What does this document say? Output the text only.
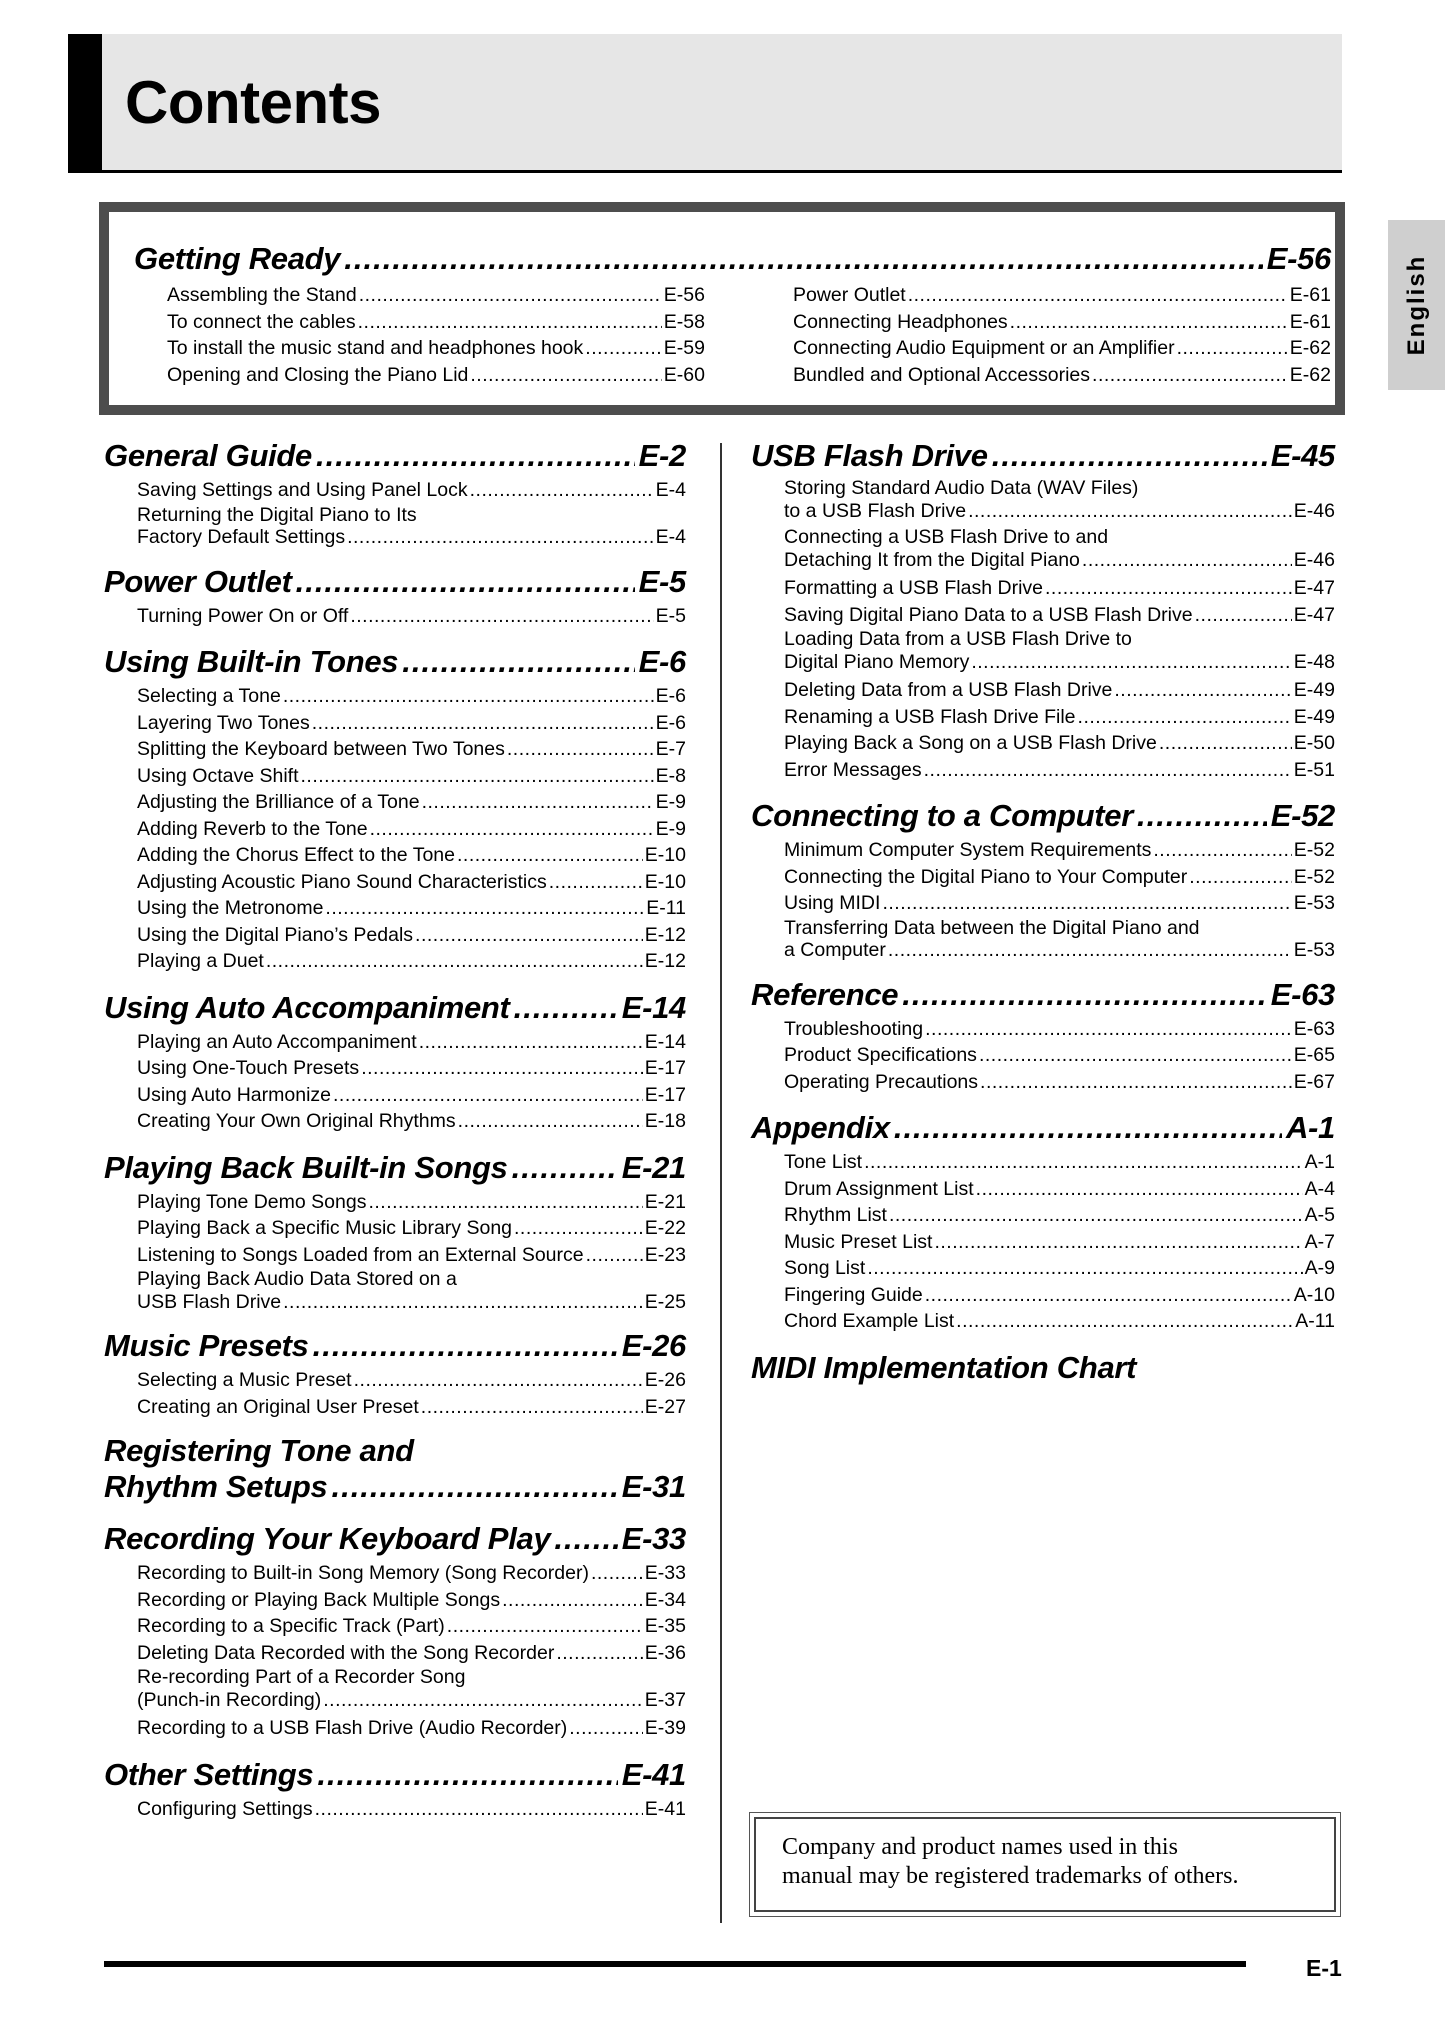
Contents
English
Getting Ready .....	E-56
Assembling the Stand .....	E-56
To connect the cables .....	E-58
To install the music stand and headphones hook .....	E-59
Opening and Closing the Piano Lid .....	E-60
Power Outlet .....	E-61
Connecting Headphones .....	E-61
Connecting Audio Equipment or an Amplifier .....	E-62
Bundled and Optional Accessories .....	E-62
General Guide .....	E-2
Saving Settings and Using Panel Lock .....	E-4
Returning the Digital Piano to Its
Factory Default Settings .....	E-4
Power Outlet .....	E-5
Turning Power On or Off .....	E-5
Using Built-in Tones .....	E-6
Selecting a Tone .....	E-6
Layering Two Tones .....	E-6
Splitting the Keyboard between Two Tones .....	E-7
Using Octave Shift .....	E-8
Adjusting the Brilliance of a Tone .....	E-9
Adding Reverb to the Tone .....	E-9
Adding the Chorus Effect to the Tone .....	E-10
Adjusting Acoustic Piano Sound Characteristics .....	E-10
Using the Metronome .....	E-11
Using the Digital Piano’s Pedals .....	E-12
Playing a Duet .....	E-12
Using Auto Accompaniment .....	E-14
Playing an Auto Accompaniment .....	E-14
Using One-Touch Presets .....	E-17
Using Auto Harmonize .....	E-17
Creating Your Own Original Rhythms .....	E-18
Playing Back Built-in Songs .....	E-21
Playing Tone Demo Songs .....	E-21
Playing Back a Specific Music Library Song .....	E-22
Listening to Songs Loaded from an External Source .....	E-23
Playing Back Audio Data Stored on a
USB Flash Drive .....	E-25
Music Presets .....	E-26
Selecting a Music Preset .....	E-26
Creating an Original User Preset .....	E-27
Registering Tone and
Rhythm Setups .....	E-31
Recording Your Keyboard Play ..... E-33
Recording to Built-in Song Memory (Song Recorder) .....	E-33
Recording or Playing Back Multiple Songs .....	E-34
Recording to a Specific Track (Part) .....	E-35
Deleting Data Recorded with the Song Recorder .....	E-36
Re-recording Part of a Recorder Song
(Punch-in Recording) .....	E-37
Recording to a USB Flash Drive (Audio Recorder) .....	E-39
Other Settings .....	E-41
Configuring Settings .....	E-41
USB Flash Drive .....	E-45
Storing Standard Audio Data (WAV Files)
to a USB Flash Drive .....	E-46
Connecting a USB Flash Drive to and
Detaching It from the Digital Piano .....	E-46
Formatting a USB Flash Drive .....	E-47
Saving Digital Piano Data to a USB Flash Drive .....	E-47
Loading Data from a USB Flash Drive to
Digital Piano Memory .....	E-48
Deleting Data from a USB Flash Drive .....	E-49
Renaming a USB Flash Drive File .....	E-49
Playing Back a Song on a USB Flash Drive .....	E-50
Error Messages .....	E-51
Connecting to a Computer .....	E-52
Minimum Computer System Requirements .....	E-52
Connecting the Digital Piano to Your Computer .....	E-52
Using MIDI .....	E-53
Transferring Data between the Digital Piano and
a Computer .....	E-53
Reference .....	E-63
Troubleshooting .....	E-63
Product Specifications .....	E-65
Operating Precautions .....	E-67
Appendix .....	A-1
Tone List .....	A-1
Drum Assignment List .....	A-4
Rhythm List .....	A-5
Music Preset List .....	A-7
Song List .....	A-9
Fingering Guide .....	A-10
Chord Example List .....	A-11
MIDI Implementation Chart
Company and product names used in this
manual may be registered trademarks of others.
E-1
